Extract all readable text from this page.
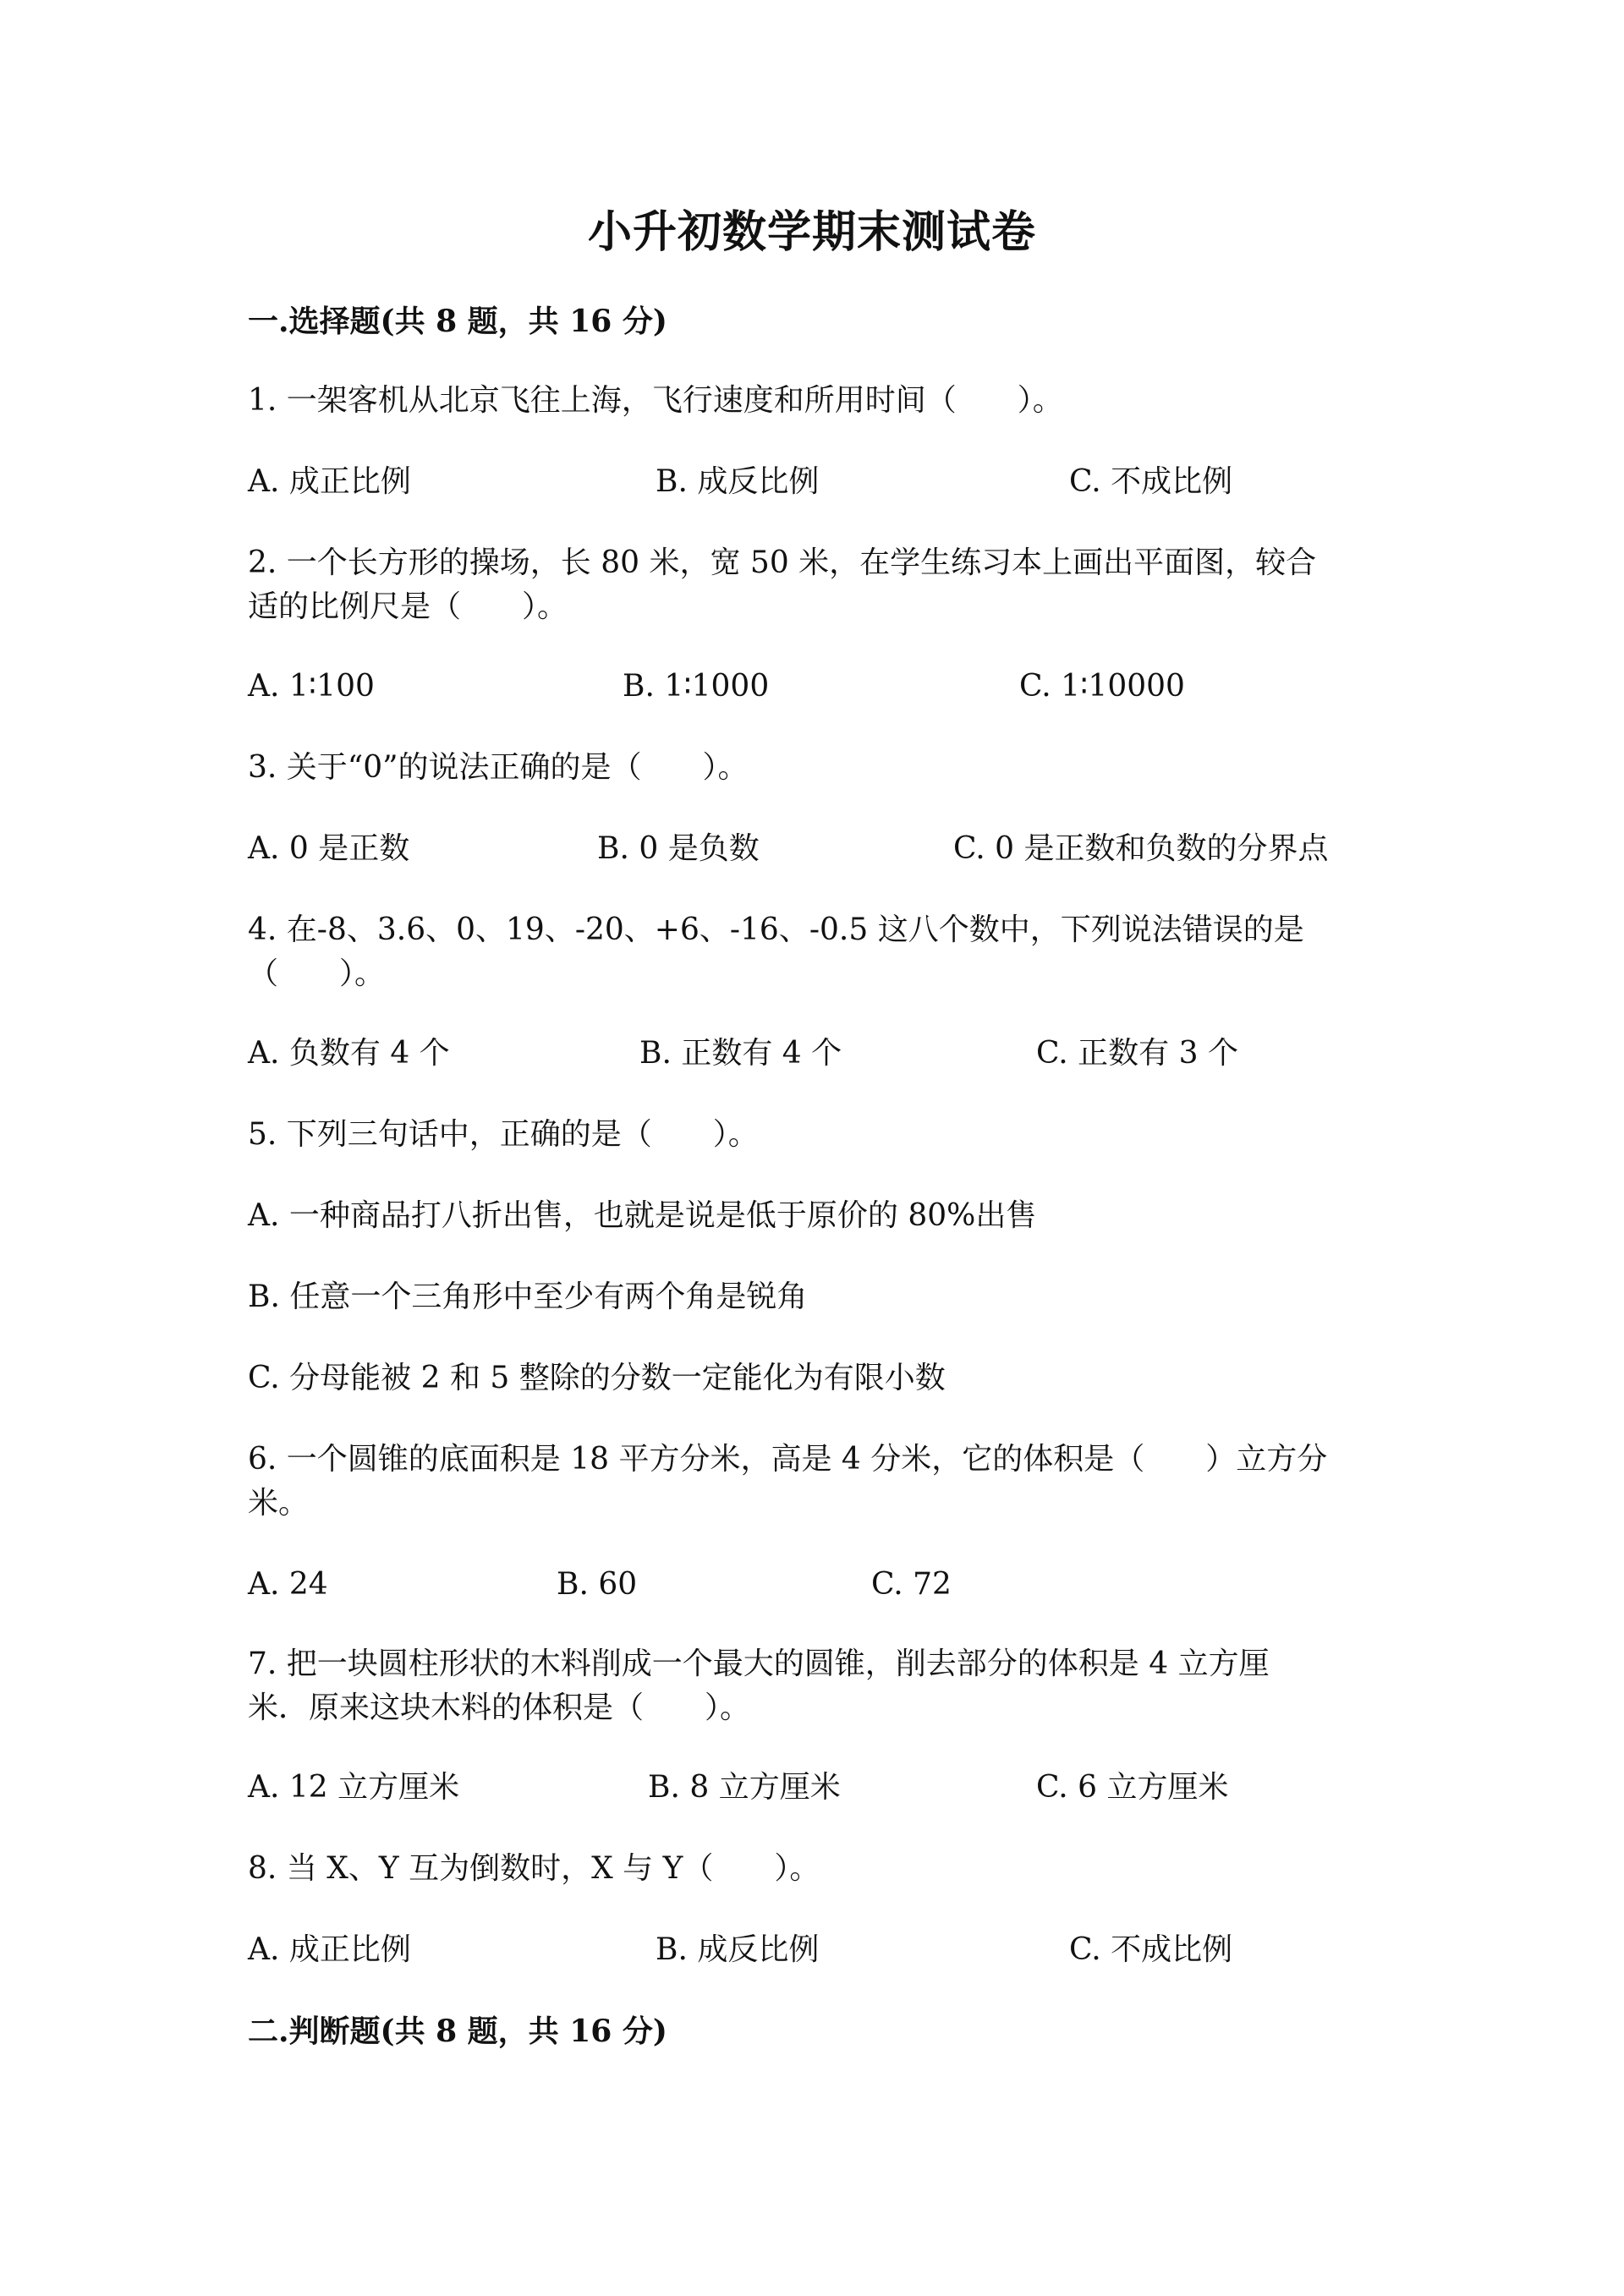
小升初数学期末测试卷
一.选择题(共 8 题，共 16 分)
1. 一架客机从北京飞往上海，飞行速度和所用时间（　　）。
A. 成正比例	B. 成反比例	C. 不成比例
2. 一个长方形的操场，长 80 米，宽 50 米，在学生练习本上画出平面图，较合
适的比例尺是（　　）。
A. 1∶100	B. 1∶1000	C. 1∶10000
3. 关于“0”的说法正确的是（　　）。
A. 0 是正数	B. 0 是负数	C. 0 是正数和负数的分界点
4. 在-8、3.6、0、19、-20、+6、-16、-0.5 这八个数中，下列说法错误的是
（　　）。
A. 负数有 4 个	B. 正数有 4 个	C. 正数有 3 个
5. 下列三句话中，正确的是（　　）。
A. 一种商品打八折出售，也就是说是低于原价的 80%出售
B. 任意一个三角形中至少有两个角是锐角
C. 分母能被 2 和 5 整除的分数一定能化为有限小数
6. 一个圆锥的底面积是 18 平方分米，高是 4 分米，它的体积是（　　）立方分
米。
A. 24	B. 60	C. 72
7. 把一块圆柱形状的木料削成一个最大的圆锥，削去部分的体积是 4 立方厘
米．原来这块木料的体积是（　　）。
A. 12 立方厘米	B. 8 立方厘米	C. 6 立方厘米
8. 当 X、Y 互为倒数时，X 与 Y（　　）。
A. 成正比例	B. 成反比例	C. 不成比例
二.判断题(共 8 题，共 16 分)
